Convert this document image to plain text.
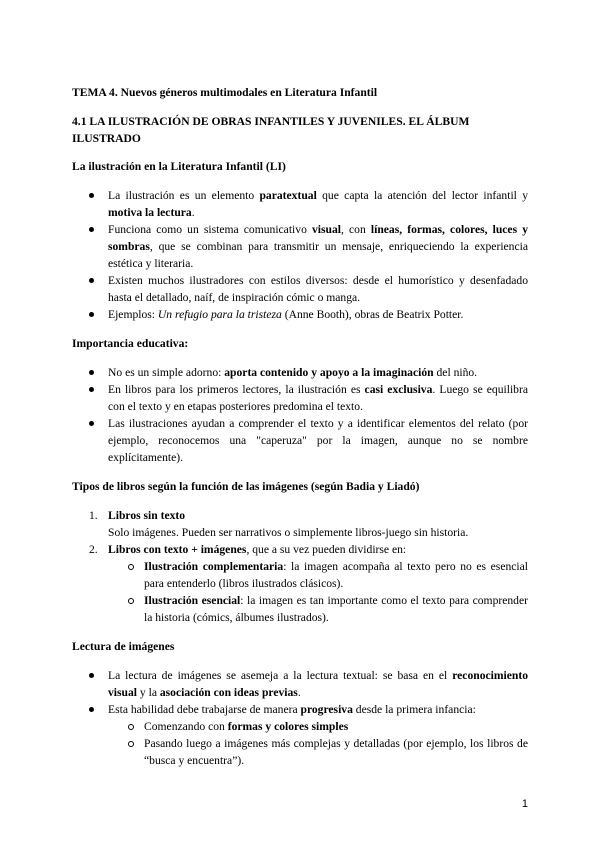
TEMA 4. Nuevos géneros multimodales en Literatura Infantil
4.1 LA ILUSTRACIÓN DE OBRAS INFANTILES Y JUVENILES. EL ÁLBUM ILUSTRADO
La ilustración en la Literatura Infantil (LI)
La ilustración es un elemento paratextual que capta la atención del lector infantil y motiva la lectura.
Funciona como un sistema comunicativo visual, con líneas, formas, colores, luces y sombras, que se combinan para transmitir un mensaje, enriqueciendo la experiencia estética y literaria.
Existen muchos ilustradores con estilos diversos: desde el humorístico y desenfadado hasta el detallado, naíf, de inspiración cómic o manga.
Ejemplos: Un refugio para la tristeza (Anne Booth), obras de Beatrix Potter.
Importancia educativa:
No es un simple adorno: aporta contenido y apoyo a la imaginación del niño.
En libros para los primeros lectores, la ilustración es casi exclusiva. Luego se equilibra con el texto y en etapas posteriores predomina el texto.
Las ilustraciones ayudan a comprender el texto y a identificar elementos del relato (por ejemplo, reconocemos una "caperuza" por la imagen, aunque no se nombre explícitamente).
Tipos de libros según la función de las imágenes (según Badia y Liadó)
1. Libros sin texto
Solo imágenes. Pueden ser narrativos o simplemente libros-juego sin historia.
2. Libros con texto + imágenes, que a su vez pueden dividirse en:
Ilustración complementaria: la imagen acompaña al texto pero no es esencial para entenderlo (libros ilustrados clásicos).
Ilustración esencial: la imagen es tan importante como el texto para comprender la historia (cómics, álbumes ilustrados).
Lectura de imágenes
La lectura de imágenes se asemeja a la lectura textual: se basa en el reconocimiento visual y la asociación con ideas previas.
Esta habilidad debe trabajarse de manera progresiva desde la primera infancia:
Comenzando con formas y colores simples
Pasando luego a imágenes más complejas y detalladas (por ejemplo, los libros de “busca y encuentra”).
1
